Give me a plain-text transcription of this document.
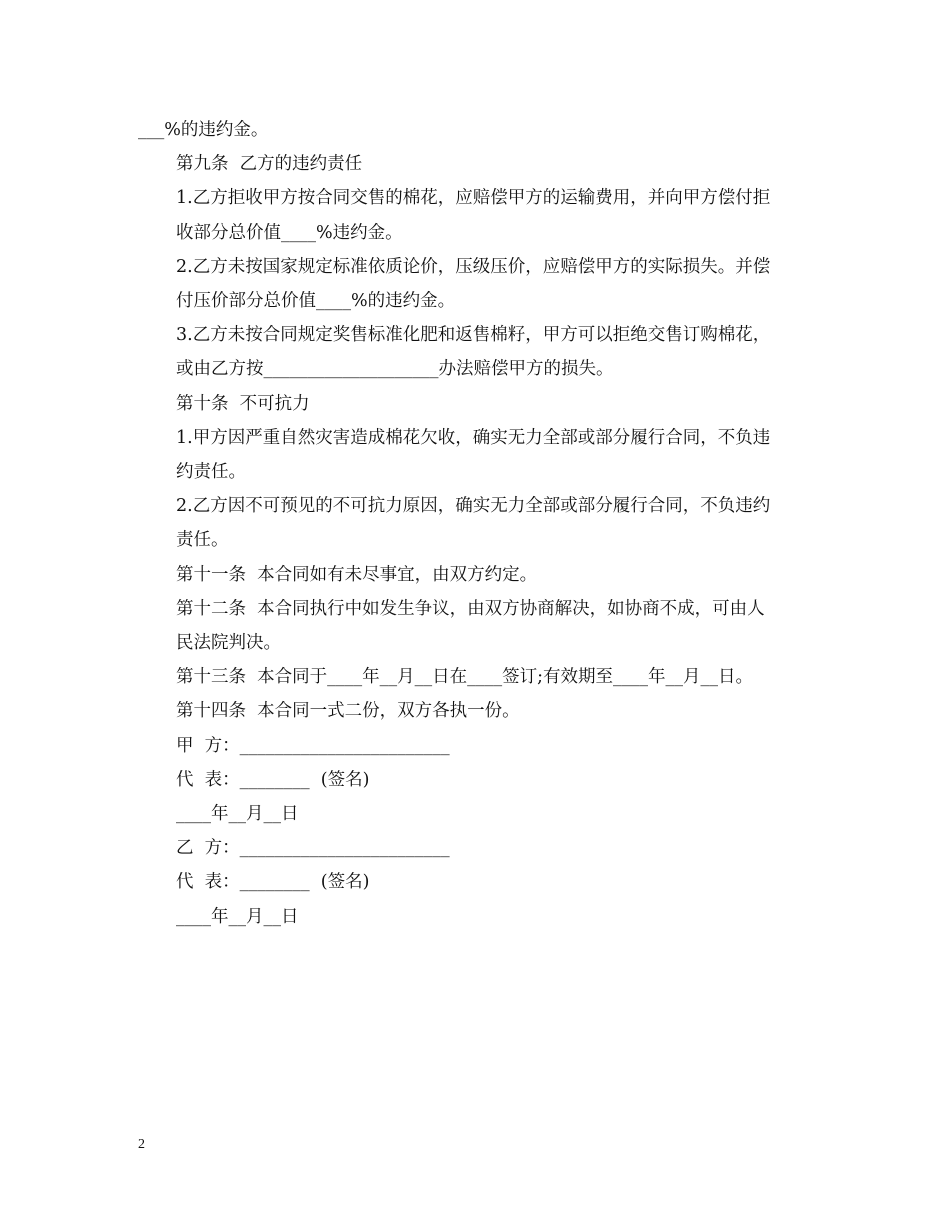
___%的违约金。

第九条  乙方的违约责任

1.乙方拒收甲方按合同交售的棉花，应赔偿甲方的运输费用，并向甲方偿付拒
收部分总价值____%违约金。

2.乙方未按国家规定标准依质论价，压级压价，应赔偿甲方的实际损失。并偿
付压价部分总价值____%的违约金。

3.乙方未按合同规定奖售标准化肥和返售棉籽，甲方可以拒绝交售订购棉花，
或由乙方按____________________办法赔偿甲方的损失。

第十条  不可抗力

1.甲方因严重自然灾害造成棉花欠收，确实无力全部或部分履行合同，不负违
约责任。

2.乙方因不可预见的不可抗力原因，确实无力全部或部分履行合同，不负违约
责任。

第十一条  本合同如有未尽事宜，由双方约定。

第十二条  本合同执行中如发生争议，由双方协商解决，如协商不成，可由人
民法院判决。

第十三条  本合同于____年__月__日在____签订;有效期至____年__月__日。

第十四条  本合同一式二份，双方各执一份。

甲  方：________________________

代  表：________  (签名)

____年__月__日

乙  方：________________________

代  表：________  (签名)

____年__月__日

2
